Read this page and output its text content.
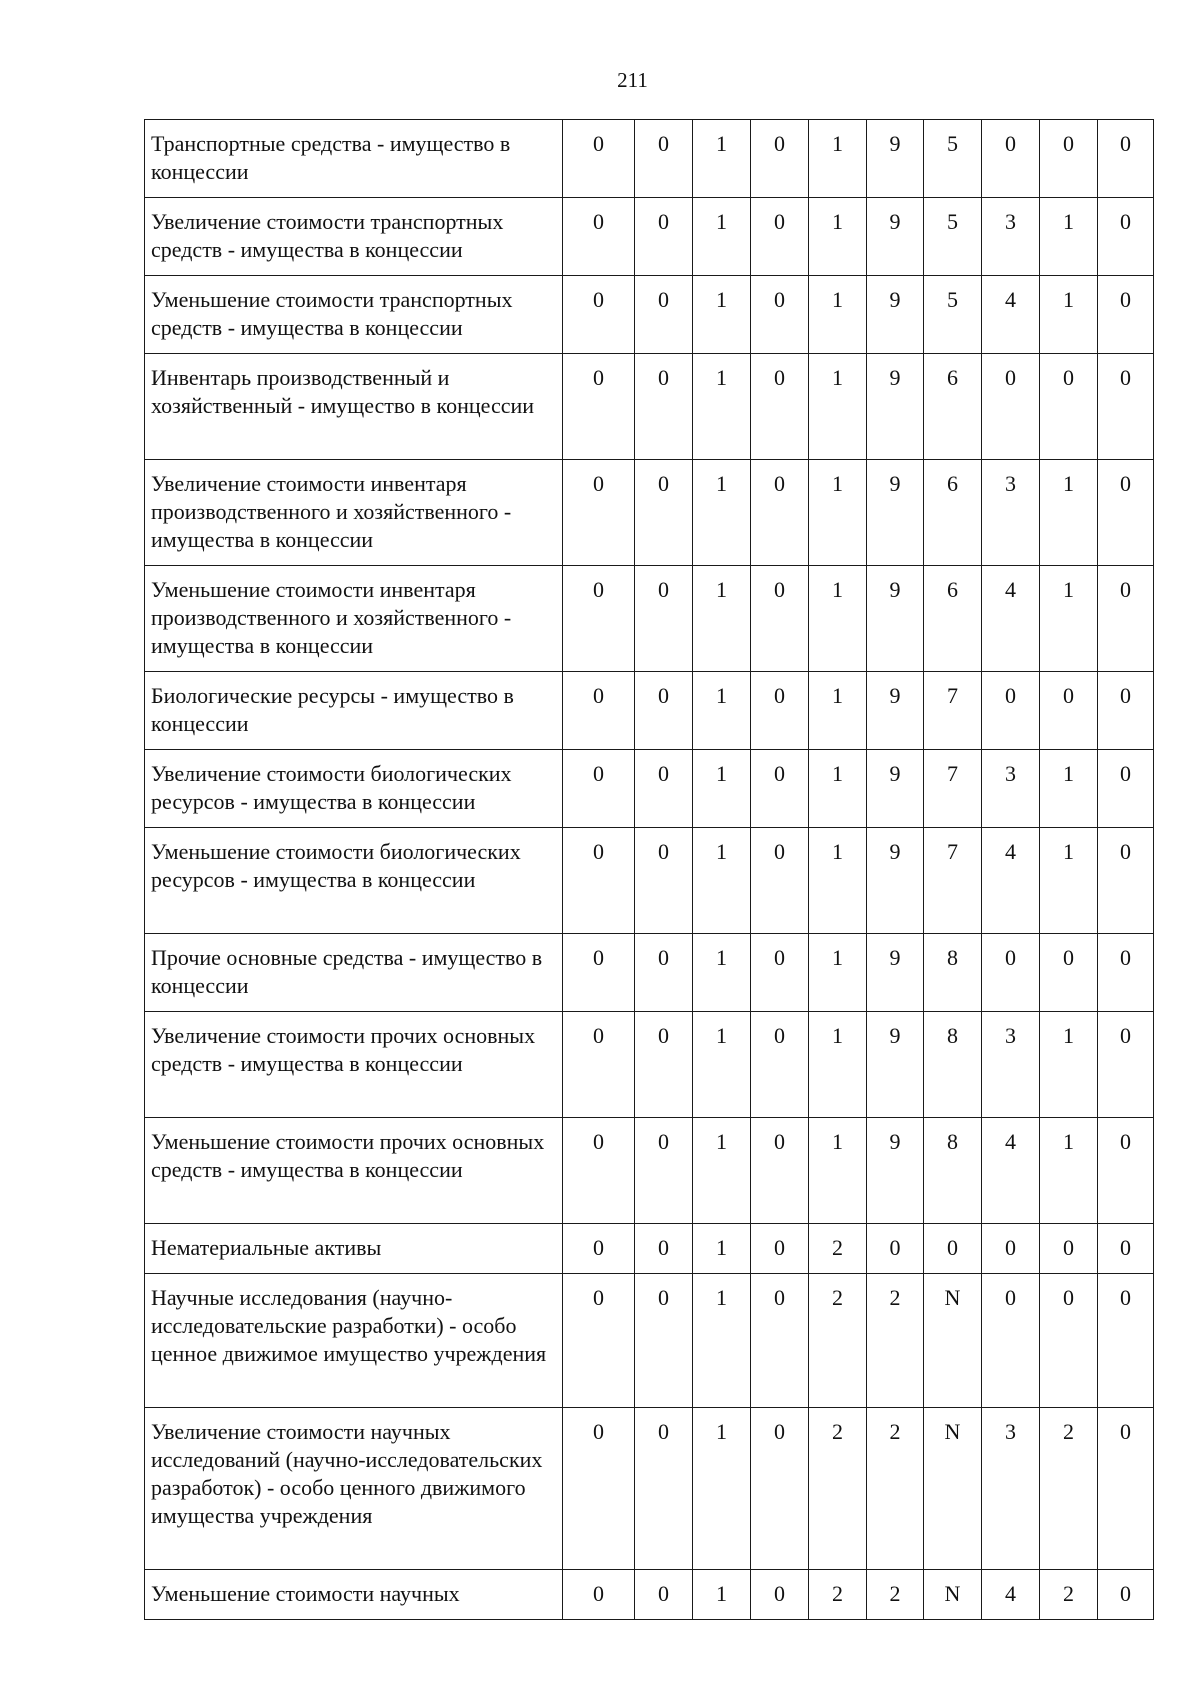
211
Транспортные средства - имущество в концессии	0	0	1	0	1	9	5	0	0	0
Увеличение стоимости транспортных средств - имущества в концессии	0	0	1	0	1	9	5	3	1	0
Уменьшение стоимости транспортных средств - имущества в концессии	0	0	1	0	1	9	5	4	1	0
Инвентарь производственный и хозяйственный - имущество в концессии	0	0	1	0	1	9	6	0	0	0
Увеличение стоимости инвентаря производственного и хозяйственного - имущества в концессии	0	0	1	0	1	9	6	3	1	0
Уменьшение стоимости инвентаря производственного и хозяйственного - имущества в концессии	0	0	1	0	1	9	6	4	1	0
Биологические ресурсы - имущество в концессии	0	0	1	0	1	9	7	0	0	0
Увеличение стоимости биологических ресурсов - имущества в концессии	0	0	1	0	1	9	7	3	1	0
Уменьшение стоимости биологических ресурсов - имущества в концессии	0	0	1	0	1	9	7	4	1	0
Прочие основные средства - имущество в концессии	0	0	1	0	1	9	8	0	0	0
Увеличение стоимости прочих основных средств - имущества в концессии	0	0	1	0	1	9	8	3	1	0
Уменьшение стоимости прочих основных средств - имущества в концессии	0	0	1	0	1	9	8	4	1	0
Нематериальные активы	0	0	1	0	2	0	0	0	0	0
Научные исследования (научно-исследовательские разработки) - особо ценное движимое имущество учреждения	0	0	1	0	2	2	N	0	0	0
Увеличение стоимости научных исследований (научно-исследовательских разработок) - особо ценного движимого имущества учреждения	0	0	1	0	2	2	N	3	2	0
Уменьшение стоимости научных	0	0	1	0	2	2	N	4	2	0
